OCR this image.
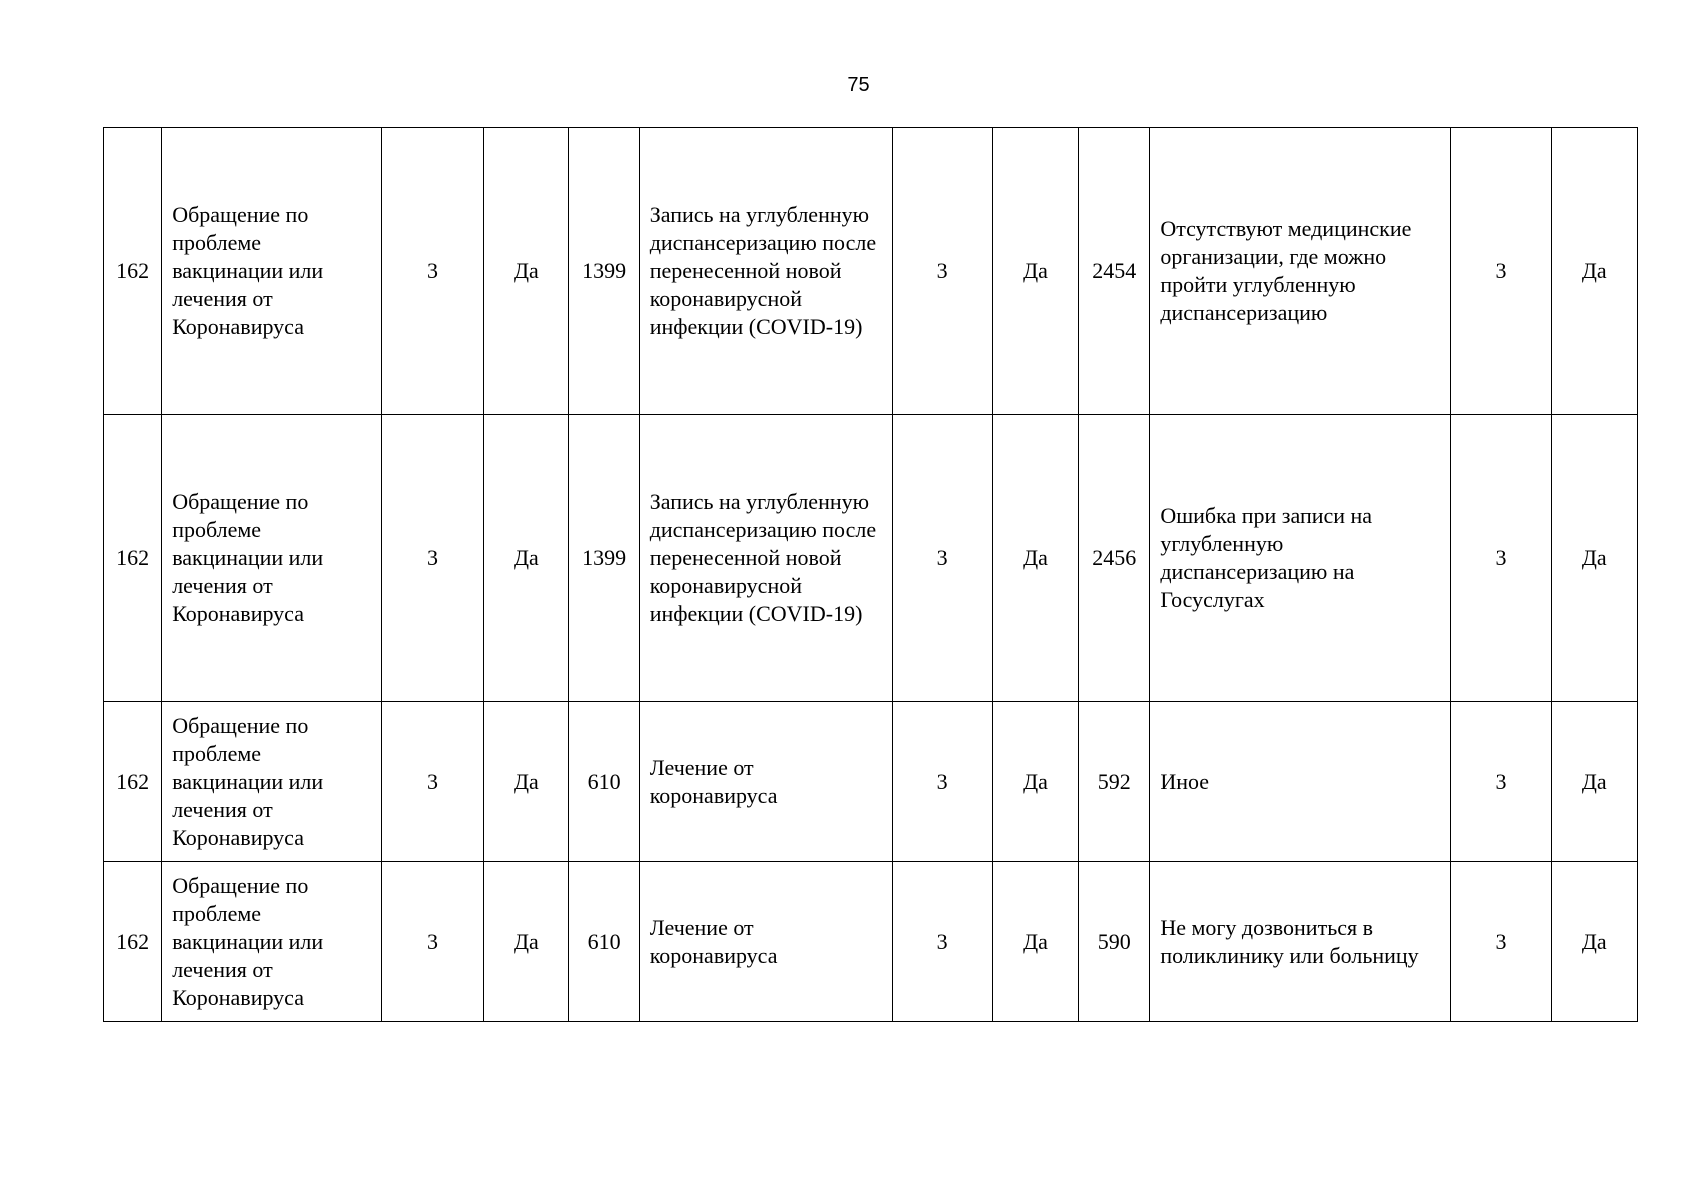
75
162	Обращение по проблеме вакцинации или лечения от Коронавируса	3	Да	1399	Запись на углубленную диспансеризацию после перенесенной новой коронавирусной инфекции (COVID-19)	3	Да	2454	Отсутствуют медицинские организации, где можно пройти углубленную диспансеризацию	3	Да
162	Обращение по проблеме вакцинации или лечения от Коронавируса	3	Да	1399	Запись на углубленную диспансеризацию после перенесенной новой коронавирусной инфекции (COVID-19)	3	Да	2456	Ошибка при записи на углубленную диспансеризацию на Госуслугах	3	Да
162	Обращение по проблеме вакцинации или лечения от Коронавируса	3	Да	610	Лечение от коронавируса	3	Да	592	Иное	3	Да
162	Обращение по проблеме вакцинации или лечения от Коронавируса	3	Да	610	Лечение от коронавируса	3	Да	590	Не могу дозвониться в поликлинику или больницу	3	Да
